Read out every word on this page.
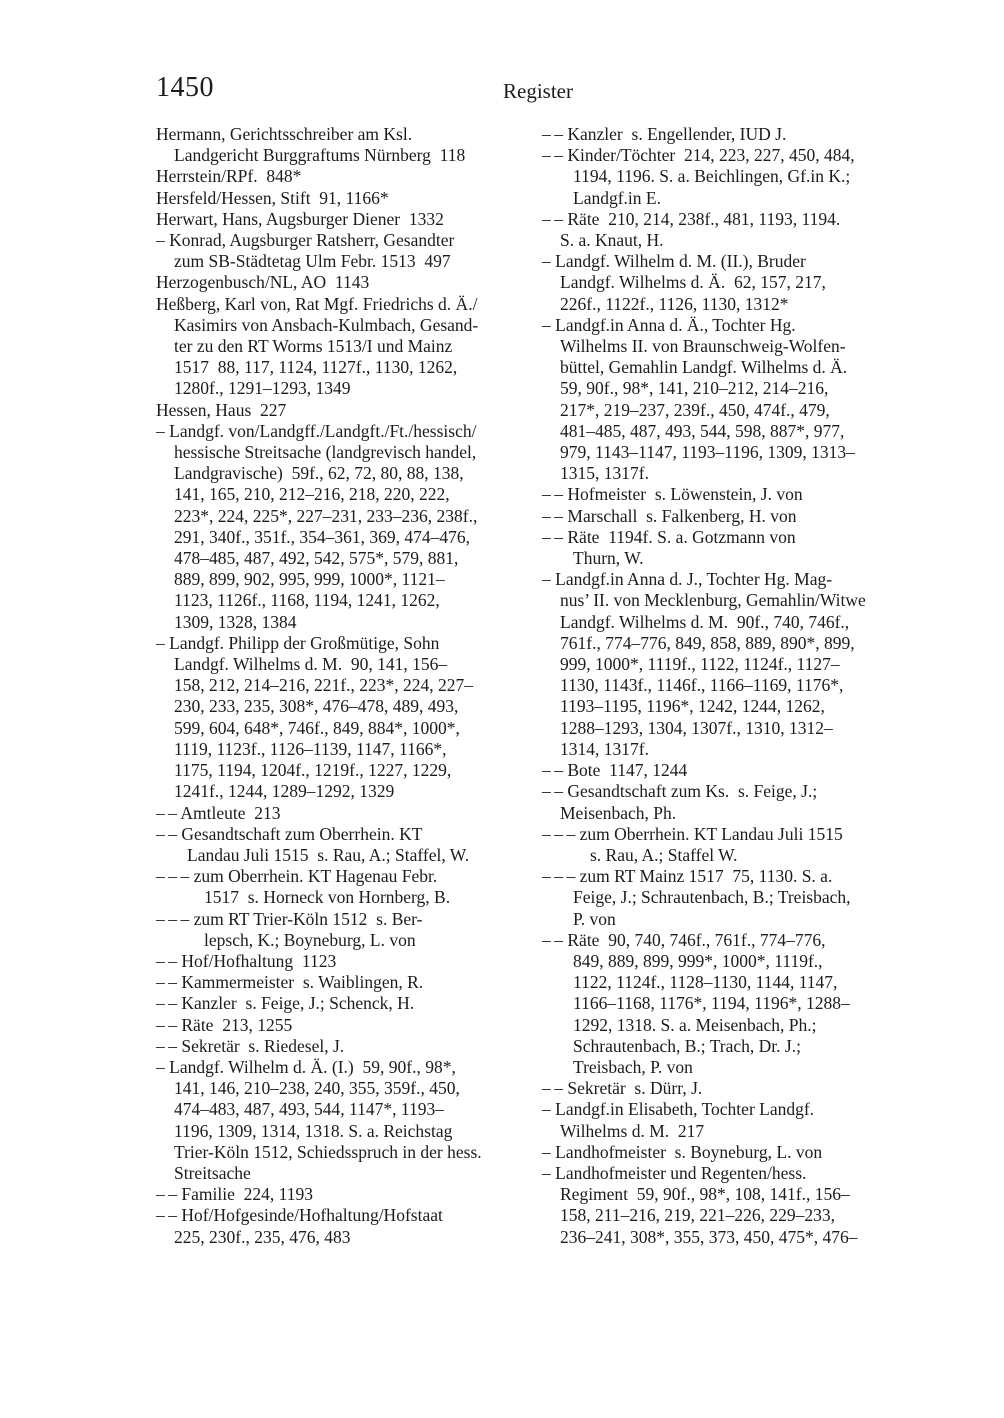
1450	Register
Hermann, Gerichtsschreiber am Ksl.
Landgericht Burggraftums Nürnberg  118
Herrstein/RPf.  848*
Hersfeld/Hessen, Stift  91, 1166*
Herwart, Hans, Augsburger Diener  1332
– Konrad, Augsburger Ratsherr, Gesandter
zum SB-Städtetag Ulm Febr. 1513  497
Herzogenbusch/NL, AO  1143
Heßberg, Karl von, Rat Mgf. Friedrichs d. Ä./
Kasimirs von Ansbach-Kulmbach, Gesand-
ter zu den RT Worms 1513/I und Mainz
1517  88, 117, 1124, 1127f., 1130, 1262,
1280f., 1291–1293, 1349
Hessen, Haus  227
– Landgf. von/Landgff./Landgft./Ft./hessisch/
hessische Streitsache (landgrevisch handel,
Landgravische)  59f., 62, 72, 80, 88, 138,
141, 165, 210, 212–216, 218, 220, 222,
223*, 224, 225*, 227–231, 233–236, 238f.,
291, 340f., 351f., 354–361, 369, 474–476,
478–485, 487, 492, 542, 575*, 579, 881,
889, 899, 902, 995, 999, 1000*, 1121–
1123, 1126f., 1168, 1194, 1241, 1262,
1309, 1328, 1384
– Landgf. Philipp der Großmütige, Sohn
Landgf. Wilhelms d. M.  90, 141, 156–
158, 212, 214–216, 221f., 223*, 224, 227–
230, 233, 235, 308*, 476–478, 489, 493,
599, 604, 648*, 746f., 849, 884*, 1000*,
1119, 1123f., 1126–1139, 1147, 1166*,
1175, 1194, 1204f., 1219f., 1227, 1229,
1241f., 1244, 1289–1292, 1329
– – Amtleute  213
– – Gesandtschaft zum Oberrhein. KT
Landau Juli 1515  s. Rau, A.; Staffel, W.
– – – zum Oberrhein. KT Hagenau Febr.
1517  s. Horneck von Hornberg, B.
– – – zum RT Trier-Köln 1512  s. Ber-
lepsch, K.; Boyneburg, L. von
– – Hof/Hofhaltung  1123
– – Kammermeister  s. Waiblingen, R.
– – Kanzler  s. Feige, J.; Schenck, H.
– – Räte  213, 1255
– – Sekretär  s. Riedesel, J.
– Landgf. Wilhelm d. Ä. (I.)  59, 90f., 98*,
141, 146, 210–238, 240, 355, 359f., 450,
474–483, 487, 493, 544, 1147*, 1193–
1196, 1309, 1314, 1318. S. a. Reichstag
Trier-Köln 1512, Schiedsspruch in der hess.
Streitsache
– – Familie  224, 1193
– – Hof/Hofgesinde/Hofhaltung/Hofstaat
225, 230f., 235, 476, 483
– – Kanzler  s. Engellender, IUD J.
– – Kinder/Töchter  214, 223, 227, 450, 484,
1194, 1196. S. a. Beichlingen, Gf.in K.;
Landgf.in E.
– – Räte  210, 214, 238f., 481, 1193, 1194.
S. a. Knaut, H.
– Landgf. Wilhelm d. M. (II.), Bruder
Landgf. Wilhelms d. Ä.  62, 157, 217,
226f., 1122f., 1126, 1130, 1312*
– Landgf.in Anna d. Ä., Tochter Hg.
Wilhelms II. von Braunschweig-Wolfen-
büttel, Gemahlin Landgf. Wilhelms d. Ä.
59, 90f., 98*, 141, 210–212, 214–216,
217*, 219–237, 239f., 450, 474f., 479,
481–485, 487, 493, 544, 598, 887*, 977,
979, 1143–1147, 1193–1196, 1309, 1313–
1315, 1317f.
– – Hofmeister  s. Löwenstein, J. von
– – Marschall  s. Falkenberg, H. von
– – Räte  1194f. S. a. Gotzmann von
Thurn, W.
– Landgf.in Anna d. J., Tochter Hg. Mag-
nus’ II. von Mecklenburg, Gemahlin/Witwe
Landgf. Wilhelms d. M.  90f., 740, 746f.,
761f., 774–776, 849, 858, 889, 890*, 899,
999, 1000*, 1119f., 1122, 1124f., 1127–
1130, 1143f., 1146f., 1166–1169, 1176*,
1193–1195, 1196*, 1242, 1244, 1262,
1288–1293, 1304, 1307f., 1310, 1312–
1314, 1317f.
– – Bote  1147, 1244
– – Gesandtschaft zum Ks.  s. Feige, J.;
Meisenbach, Ph.
– – – zum Oberrhein. KT Landau Juli 1515
s. Rau, A.; Staffel W.
– – – zum RT Mainz 1517  75, 1130. S. a.
Feige, J.; Schrautenbach, B.; Treisbach,
P. von
– – Räte  90, 740, 746f., 761f., 774–776,
849, 889, 899, 999*, 1000*, 1119f.,
1122, 1124f., 1128–1130, 1144, 1147,
1166–1168, 1176*, 1194, 1196*, 1288–
1292, 1318. S. a. Meisenbach, Ph.;
Schrautenbach, B.; Trach, Dr. J.;
Treisbach, P. von
– – Sekretär  s. Dürr, J.
– Landgf.in Elisabeth, Tochter Landgf.
Wilhelms d. M.  217
– Landhofmeister  s. Boyneburg, L. von
– Landhofmeister und Regenten/hess.
Regiment  59, 90f., 98*, 108, 141f., 156–
158, 211–216, 219, 221–226, 229–233,
236–241, 308*, 355, 373, 450, 475*, 476–
